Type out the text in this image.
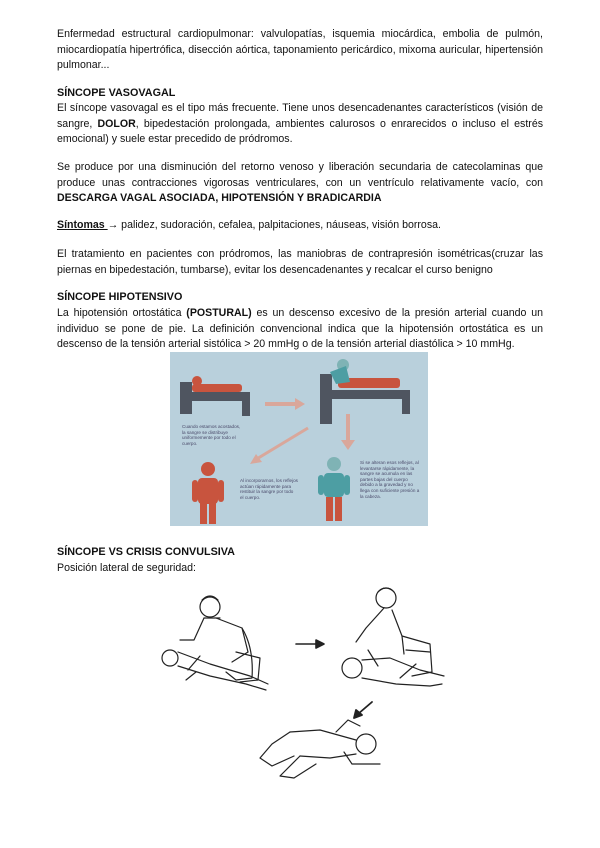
Enfermedad estructural cardiopulmonar: valvulopatías, isquemia miocárdica, embolia de pulmón, miocardiopatía hipertrófica, disección aórtica, taponamiento pericárdico, mixoma auricular, hipertensión pulmonar...

SÍNCOPE VASOVAGAL

El síncope vasovagal es el tipo más frecuente. Tiene unos desencadenantes característicos (visión de sangre, DOLOR, bipedestación prolongada, ambientes calurosos o enrarecidos o incluso el estrés emocional) y suele estar precedido de pródromos.

Se produce por una disminución del retorno venoso y liberación secundaria de catecolaminas que produce unas contracciones vigorosas ventriculares, con un ventrículo relativamente vacío, con DESCARGA VAGAL ASOCIADA, HIPOTENSIÓN Y BRADICARDIA

Síntomas → palidez, sudoración, cefalea, palpitaciones, náuseas, visión borrosa.

El tratamiento en pacientes con pródromos, las maniobras de contrapresión isométricas(cruzar las piernas en bipedestación, tumbarse), evitar los desencadenantes y recalcar el curso benigno

SÍNCOPE HIPOTENSIVO

La hipotensión ortostática (POSTURAL) es un descenso excesivo de la presión arterial cuando un individuo se pone de pie. La definición convencional indica que la hipotensión ortostática es un descenso de la tensión arterial sistólica > 20 mmHg o de la tensión arterial diastólica > 10 mmHg.

Cuando estamos acostados, la sangre se distribuye uniformemente por todo el cuerpo.
Al incorporarnos, los reflejos actúan rápidamente para restituir la sangre por todo el cuerpo.
Si se alteran esos reflejos, al levantarse rápidamente, la sangre se acumula en las partes bajas del cuerpo debido a la gravedad y no llega con suficiente presión a la cabeza.

SÍNCOPE VS CRISIS CONVULSIVA

Posición lateral de seguridad:
